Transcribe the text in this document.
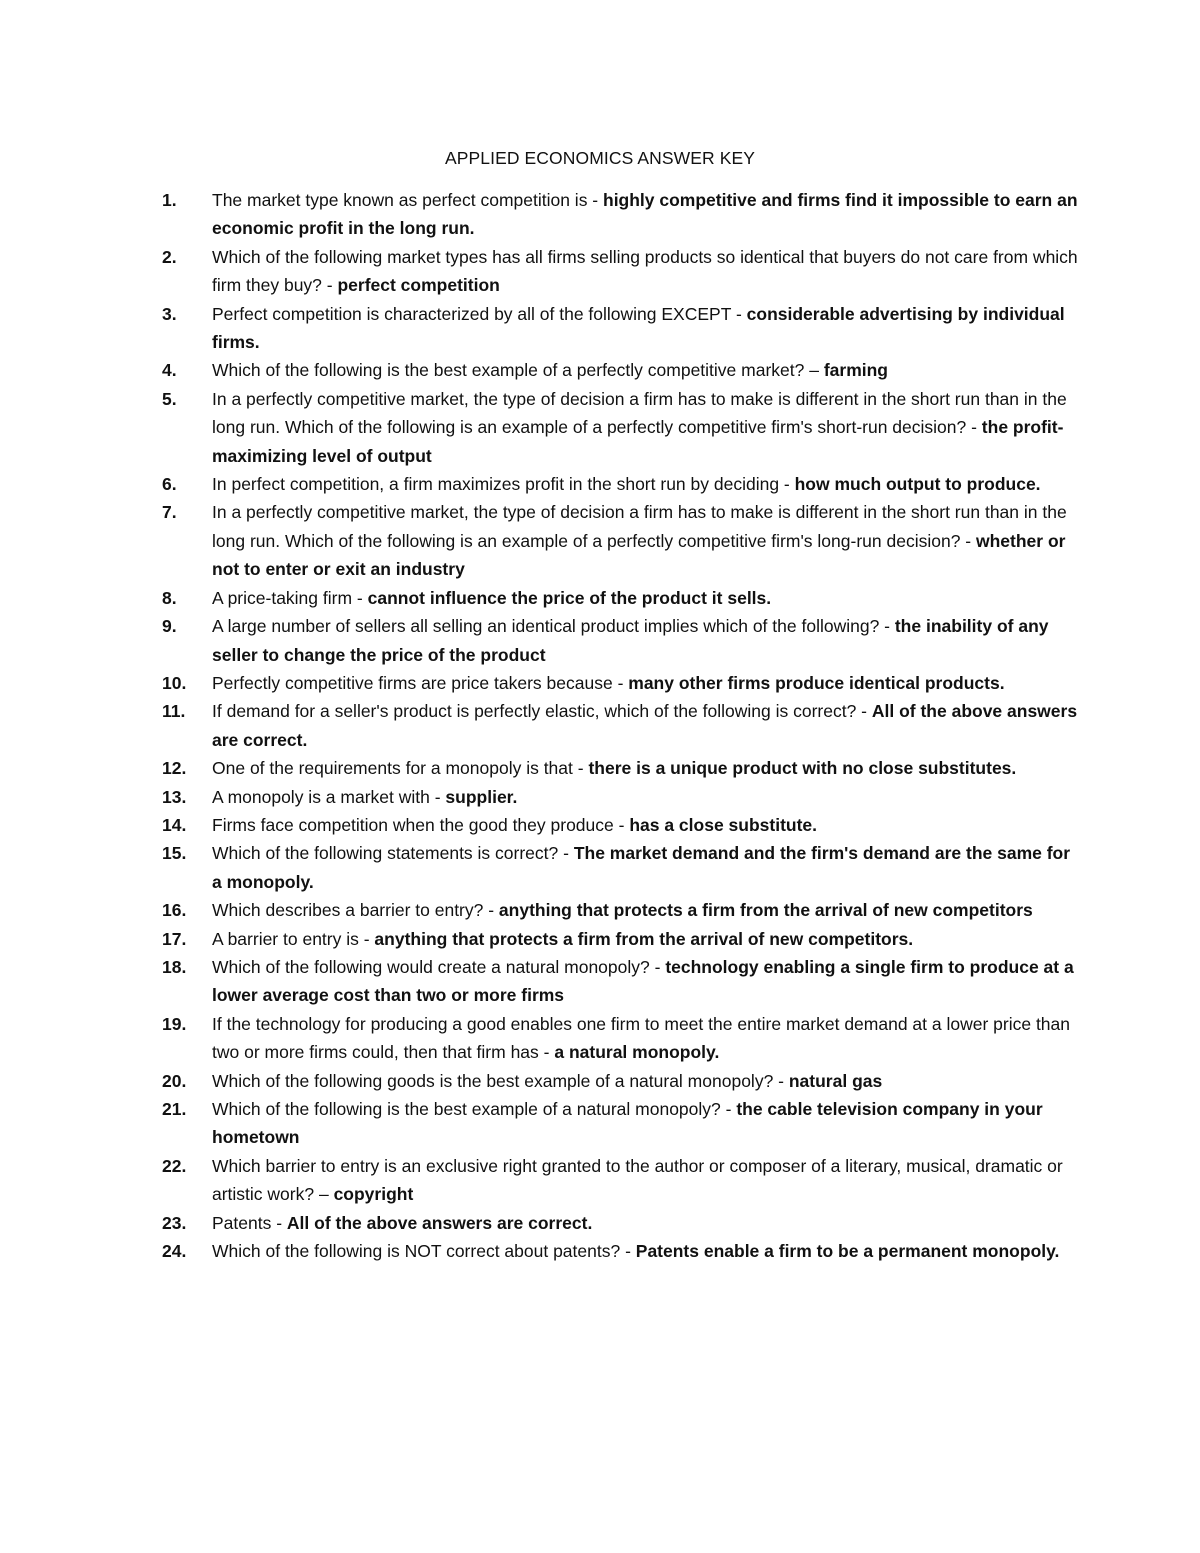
APPLIED ECONOMICS ANSWER KEY
1. The market type known as perfect competition is - highly competitive and firms find it impossible to earn an economic profit in the long run.
2. Which of the following market types has all firms selling products so identical that buyers do not care from which firm they buy? - perfect competition
3. Perfect competition is characterized by all of the following EXCEPT - considerable advertising by individual firms.
4. Which of the following is the best example of a perfectly competitive market? – farming
5. In a perfectly competitive market, the type of decision a firm has to make is different in the short run than in the long run. Which of the following is an example of a perfectly competitive firm's short-run decision? - the profit-maximizing level of output
6. In perfect competition, a firm maximizes profit in the short run by deciding - how much output to produce.
7. In a perfectly competitive market, the type of decision a firm has to make is different in the short run than in the long run. Which of the following is an example of a perfectly competitive firm's long-run decision? - whether or not to enter or exit an industry
8. A price-taking firm - cannot influence the price of the product it sells.
9. A large number of sellers all selling an identical product implies which of the following? - the inability of any seller to change the price of the product
10. Perfectly competitive firms are price takers because - many other firms produce identical products.
11. If demand for a seller's product is perfectly elastic, which of the following is correct? - All of the above answers are correct.
12. One of the requirements for a monopoly is that - there is a unique product with no close substitutes.
13. A monopoly is a market with - supplier.
14. Firms face competition when the good they produce - has a close substitute.
15. Which of the following statements is correct? - The market demand and the firm's demand are the same for a monopoly.
16. Which describes a barrier to entry? - anything that protects a firm from the arrival of new competitors
17. A barrier to entry is - anything that protects a firm from the arrival of new competitors.
18. Which of the following would create a natural monopoly? - technology enabling a single firm to produce at a lower average cost than two or more firms
19. If the technology for producing a good enables one firm to meet the entire market demand at a lower price than two or more firms could, then that firm has - a natural monopoly.
20. Which of the following goods is the best example of a natural monopoly? - natural gas
21. Which of the following is the best example of a natural monopoly? - the cable television company in your hometown
22. Which barrier to entry is an exclusive right granted to the author or composer of a literary, musical, dramatic or artistic work? – copyright
23. Patents - All of the above answers are correct.
24. Which of the following is NOT correct about patents? - Patents enable a firm to be a permanent monopoly.
